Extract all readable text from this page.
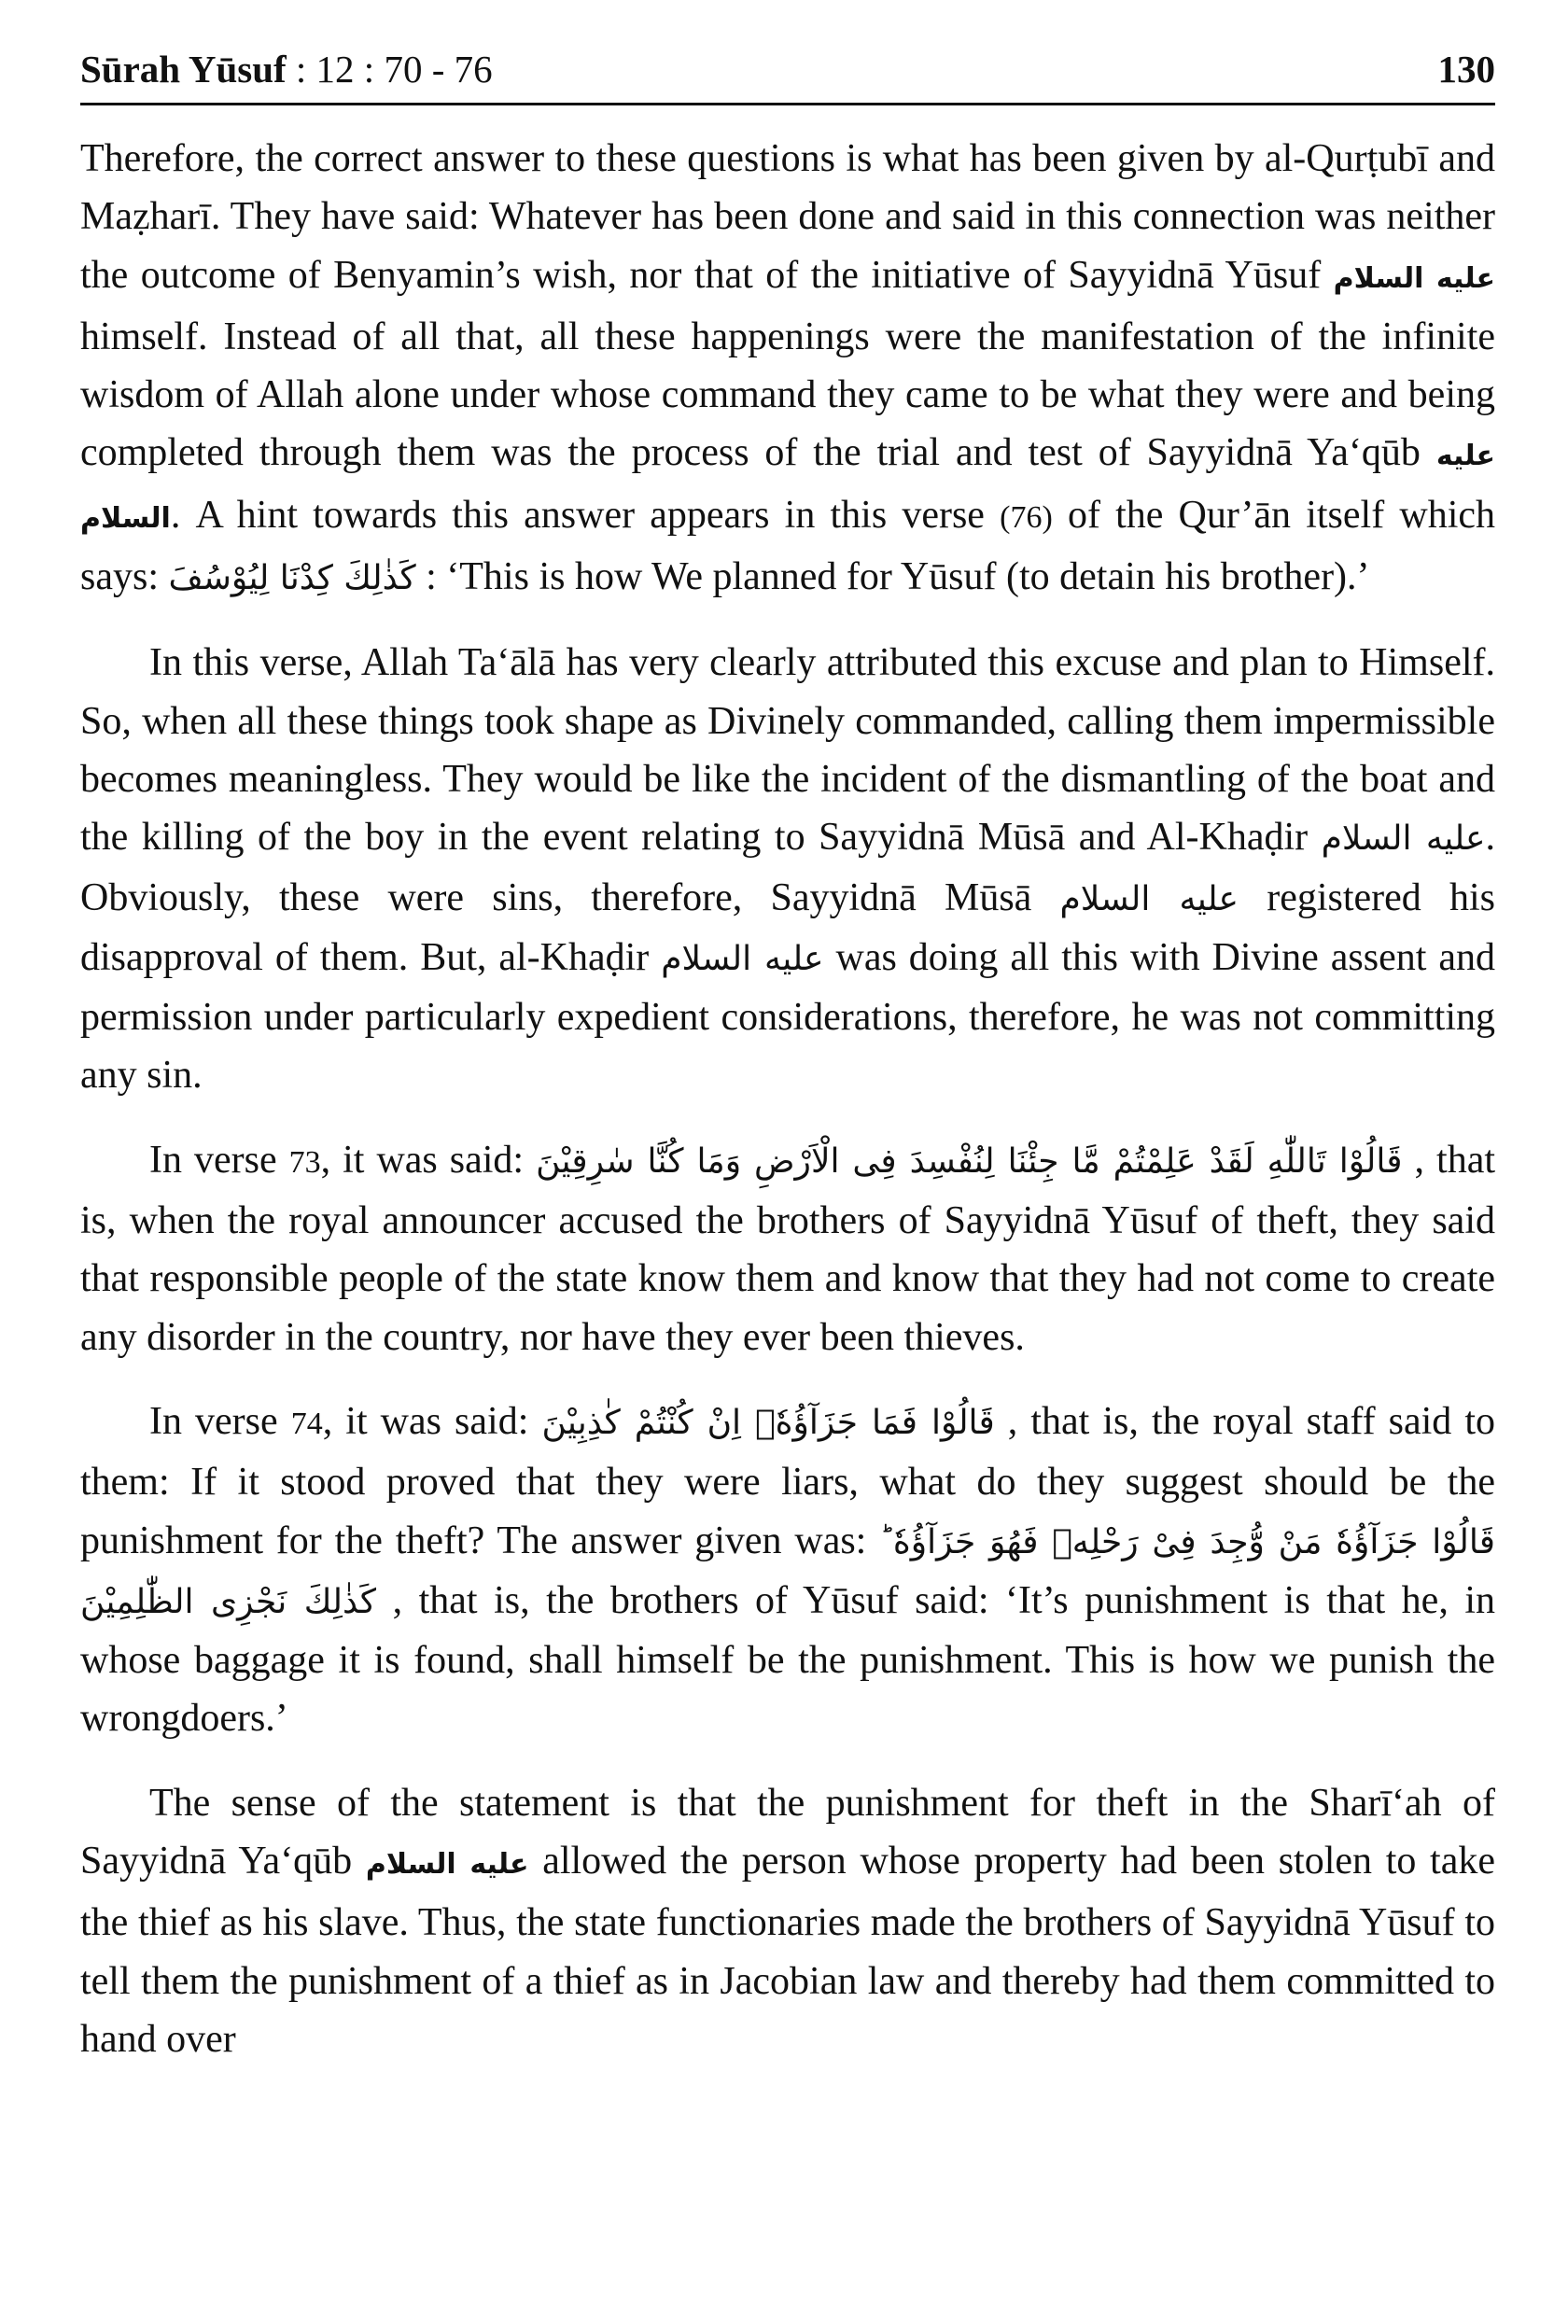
Sūrah Yūsuf : 12 : 70 - 76	130

Therefore, the correct answer to these questions is what has been given by al-Qurṭubī and Maẓharī. They have said: Whatever has been done and said in this connection was neither the outcome of Benyamin’s wish, nor that of the initiative of Sayyidnā Yūsuf عليه السلام himself. Instead of all that, all these happenings were the manifestation of the infinite wisdom of Allah alone under whose command they came to be what they were and being completed through them was the process of the trial and test of Sayyidnā Ya‘qūb عليه السلام. A hint towards this answer appears in this verse (76) of the Qur’ān itself which says: كَذٰلِكَ كِدْنَا لِيُوْسُفَ : ‘This is how We planned for Yūsuf (to detain his brother).’

In this verse, Allah Ta‘ālā has very clearly attributed this excuse and plan to Himself. So, when all these things took shape as Divinely commanded, calling them impermissible becomes meaningless. They would be like the incident of the dismantling of the boat and the killing of the boy in the event relating to Sayyidnā Mūsā and Al-Khaḍir عليه السلام. Obviously, these were sins, therefore, Sayyidnā Mūsā عليه السلام registered his disapproval of them. But, al-Khaḍir عليه السلام was doing all this with Divine assent and permission under particularly expedient considerations, therefore, he was not committing any sin.

In verse 73, it was said: قَالُوْا تَاللّٰهِ لَقَدْ عَلِمْتُمْ مَّا جِئْنَا لِنُفْسِدَ فِى الْاَرْضِ وَمَا كُنَّا سٰرِقِيْنَ , that is, when the royal announcer accused the brothers of Sayyidnā Yūsuf of theft, they said that responsible people of the state know them and know that they had not come to create any disorder in the country, nor have they ever been thieves.

In verse 74, it was said: قَالُوْا فَمَا جَزَآؤُهٗۤ اِنْ كُنْتُمْ كٰذِبِيْنَ , that is, the royal staff said to them: If it stood proved that they were liars, what do they suggest should be the punishment for the theft? The answer given was: قَالُوْا جَزَآؤُهٗ مَنْ وُّجِدَ فِىْ رَحْلِهٖ فَهُوَ جَزَآؤُهٗ ؕ كَذٰلِكَ نَجْزِى الظّٰلِمِيْنَ , that is, the brothers of Yūsuf said: ‘It’s punishment is that he, in whose baggage it is found, shall himself be the punishment. This is how we punish the wrongdoers.’

The sense of the statement is that the punishment for theft in the Sharī‘ah of Sayyidnā Ya‘qūb عليه السلام allowed the person whose property had been stolen to take the thief as his slave. Thus, the state functionaries made the brothers of Sayyidnā Yūsuf to tell them the punishment of a thief as in Jacobian law and thereby had them committed to hand over
